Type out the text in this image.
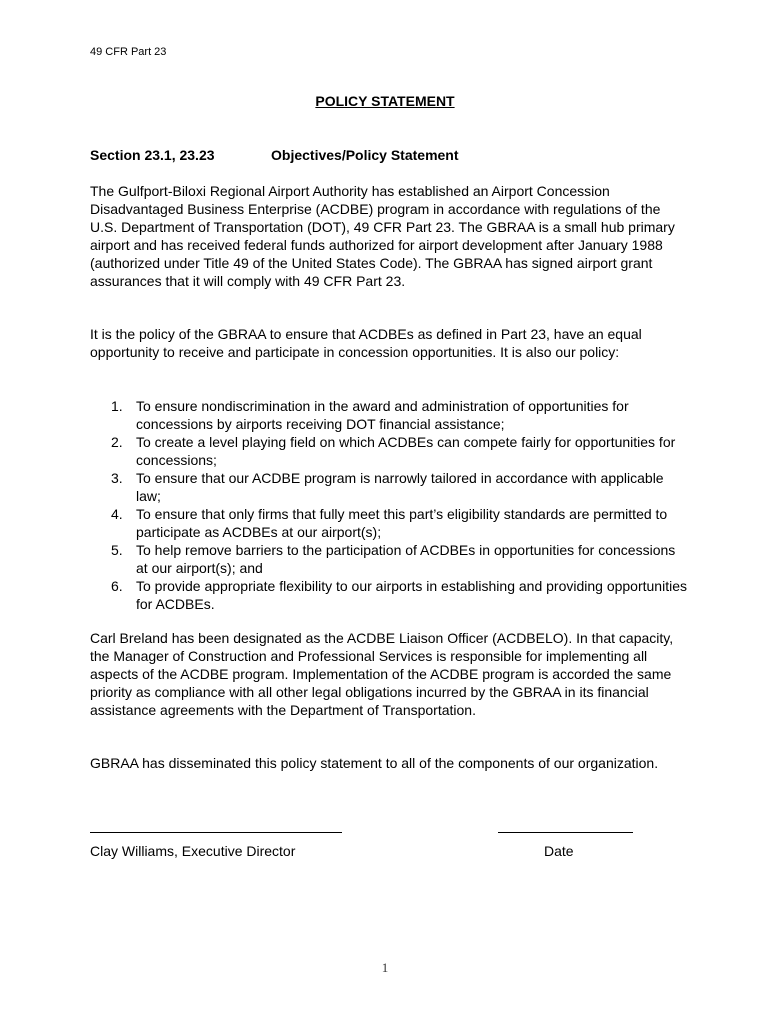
49 CFR Part 23
POLICY STATEMENT
Section 23.1, 23.23	Objectives/Policy Statement
The Gulfport-Biloxi Regional Airport Authority has established an Airport Concession Disadvantaged Business Enterprise (ACDBE) program in accordance with regulations of the U.S. Department of Transportation (DOT), 49 CFR Part 23. The GBRAA is a small hub primary airport and has received federal funds authorized for airport development after January 1988 (authorized under Title 49 of the United States Code). The GBRAA has signed airport grant assurances that it will comply with 49 CFR Part 23.
It is the policy of the GBRAA to ensure that ACDBEs as defined in Part 23, have an equal opportunity to receive and participate in concession opportunities. It is also our policy:
1. To ensure nondiscrimination in the award and administration of opportunities for concessions by airports receiving DOT financial assistance;
2. To create a level playing field on which ACDBEs can compete fairly for opportunities for concessions;
3. To ensure that our ACDBE program is narrowly tailored in accordance with applicable law;
4. To ensure that only firms that fully meet this part’s eligibility standards are permitted to participate as ACDBEs at our airport(s);
5. To help remove barriers to the participation of ACDBEs in opportunities for concessions at our airport(s); and
6. To provide appropriate flexibility to our airports in establishing and providing opportunities for ACDBEs.
Carl Breland has been designated as the ACDBE Liaison Officer (ACDBELO). In that capacity, the Manager of Construction and Professional Services is responsible for implementing all aspects of the ACDBE program. Implementation of the ACDBE program is accorded the same priority as compliance with all other legal obligations incurred by the GBRAA in its financial assistance agreements with the Department of Transportation.
GBRAA has disseminated this policy statement to all of the components of our organization.
Clay Williams, Executive Director	Date
1
